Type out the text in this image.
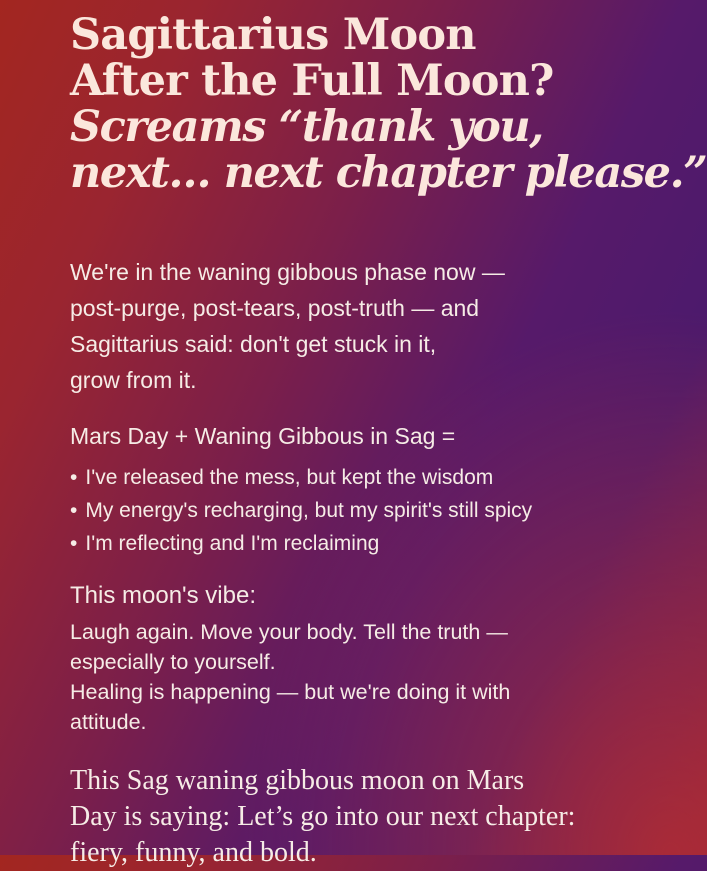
Sagittarius Moon
After the Full Moon?
Screams “thank you,
next… next chapter please.”
We're in the waning gibbous phase now —
post-purge, post-tears, post-truth — and
Sagittarius said: don't get stuck in it,
grow from it.
Mars Day + Waning Gibbous in Sag =
• I've released the mess, but kept the wisdom
• My energy's recharging, but my spirit's still spicy
• I'm reflecting and I'm reclaiming
This moon's vibe:
Laugh again. Move your body. Tell the truth —
especially to yourself.
Healing is happening — but we're doing it with
attitude.
This Sag waning gibbous moon on Mars
Day is saying: Let’s go into our next chapter:
fiery, funny, and bold.
